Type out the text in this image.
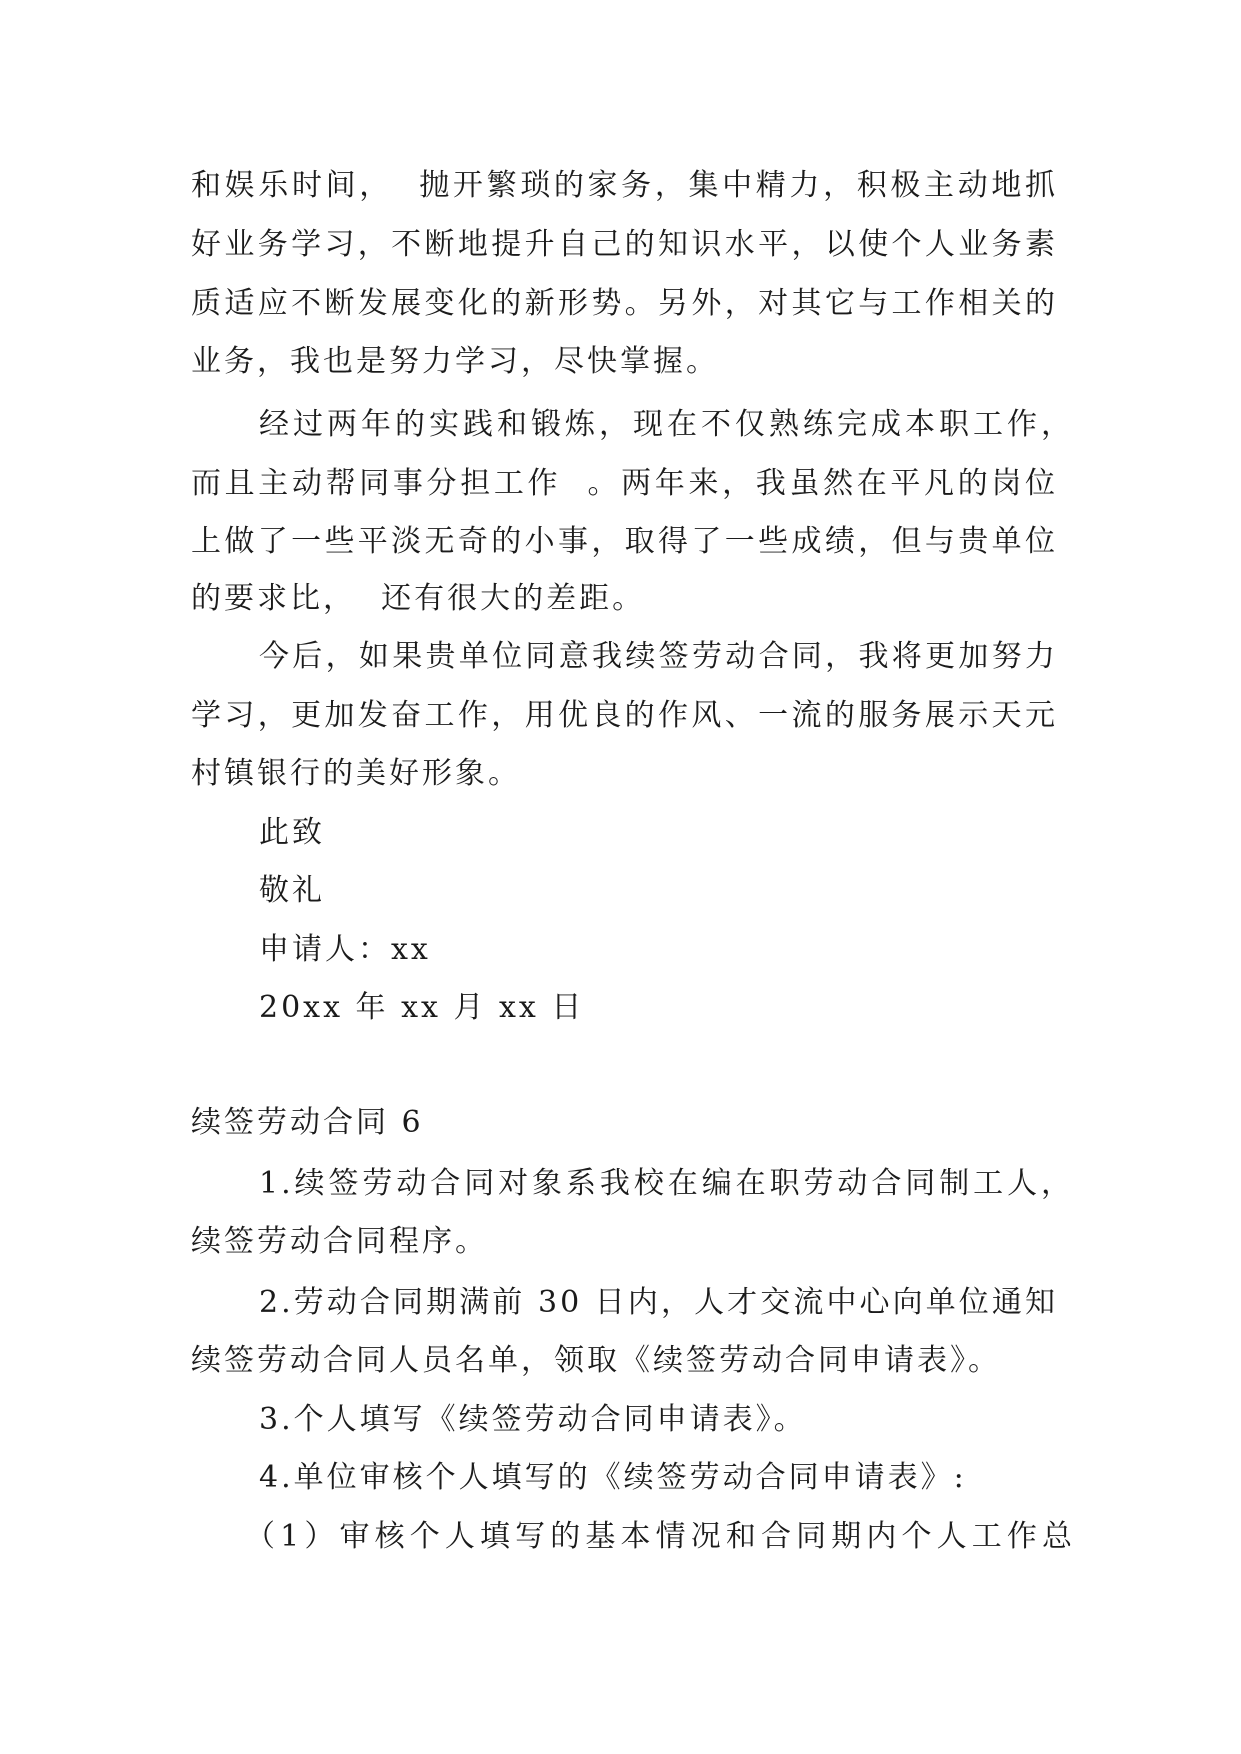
和娱乐时间，  抛开繁琐的家务，集中精力，积极主动地抓
好业务学习，不断地提升自己的知识水平，以使个人业务素
质适应不断发展变化的新形势。另外，对其它与工作相关的
业务，我也是努力学习，尽快掌握。
经过两年的实践和锻炼，现在不仅熟练完成本职工作，
而且主动帮同事分担工作  。两年来，我虽然在平凡的岗位
上做了一些平淡无奇的小事，取得了一些成绩，但与贵单位
的要求比，  还有很大的差距。
今后，如果贵单位同意我续签劳动合同，我将更加努力
学习，更加发奋工作，用优良的作风、一流的服务展示天元
村镇银行的美好形象。
此致
敬礼
申请人：xx
20xx 年 xx 月 xx 日
续签劳动合同 6
1.续签劳动合同对象系我校在编在职劳动合同制工人，
续签劳动合同程序。
2.劳动合同期满前 30 日内，人才交流中心向单位通知
续签劳动合同人员名单，领取《续签劳动合同申请表》。
3.个人填写《续签劳动合同申请表》。
4.单位审核个人填写的《续签劳动合同申请表》:
（1）审核个人填写的基本情况和合同期内个人工作总
